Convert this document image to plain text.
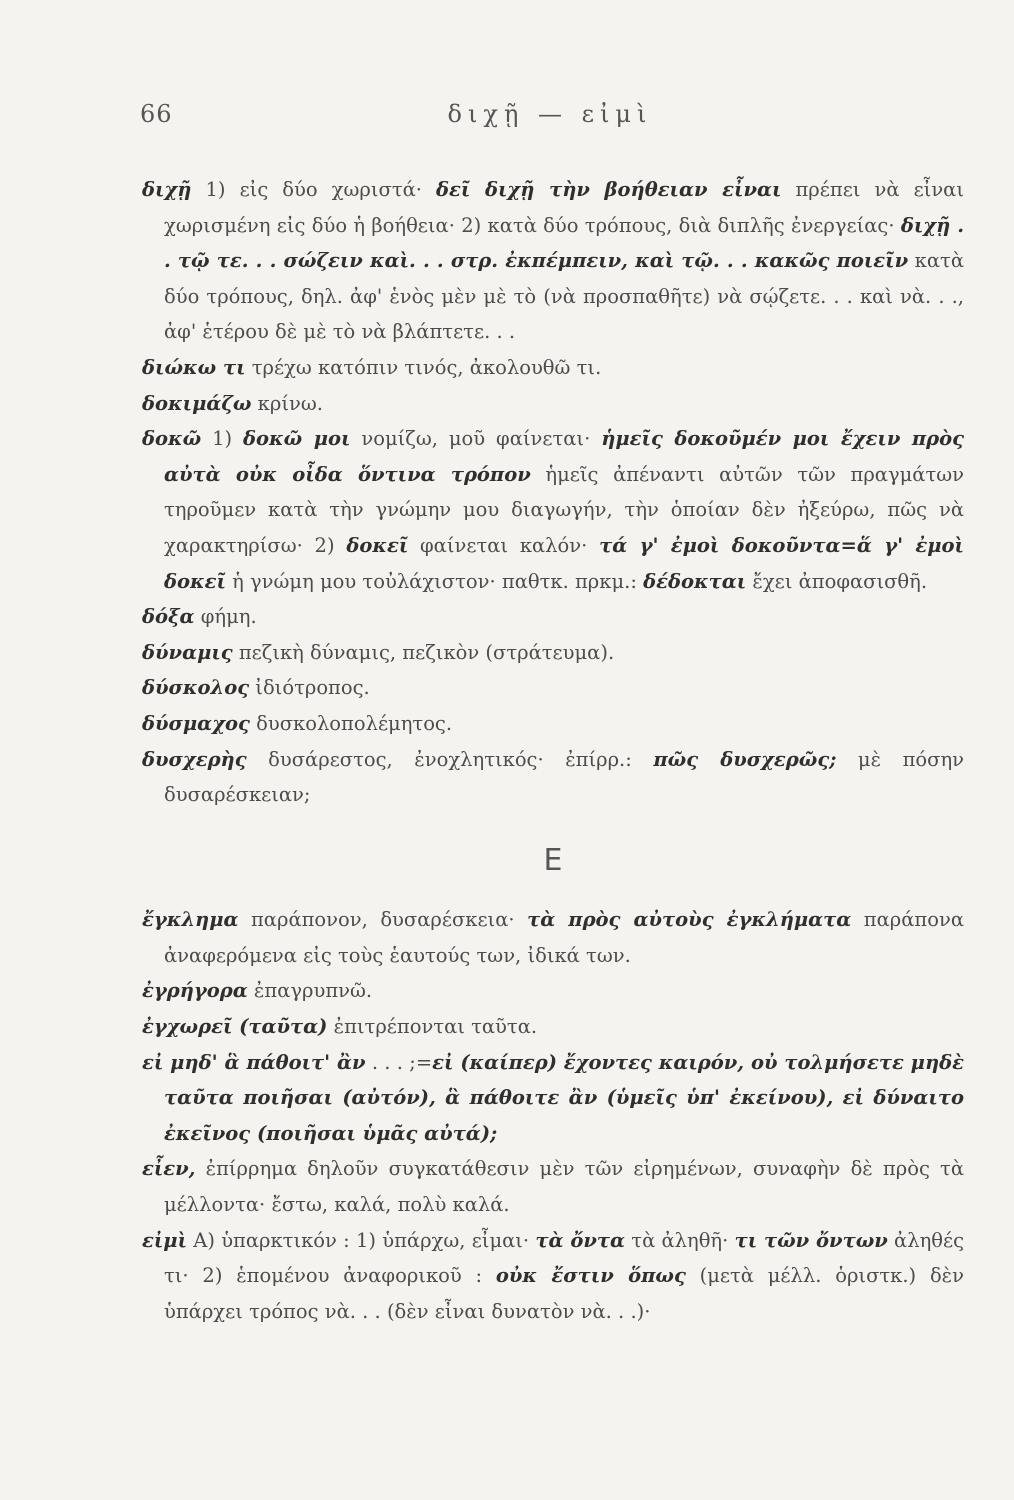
66	διχῇ — εἰμὶ

διχῇ 1) εἰς δύο χωριστά· δεῖ διχῇ τὴν βοήθειαν εἶναι πρέπει νὰ εἶναι χωρισμένη εἰς δύο ἡ βοήθεια· 2) κατὰ δύο τρόπους, διὰ διπλῆς ἐνεργείας· διχῇ . . τῷ τε. . . σώζειν καὶ. . . στρ. ἐκπέμπειν, καὶ τῷ. . . κακῶς ποιεῖν κατὰ δύο τρόπους, δηλ. ἀφ' ἑνὸς μὲν μὲ τὸ (νὰ προσπαθῆτε) νὰ σῴζετε. . . καὶ νὰ. . ., ἀφ' ἑτέρου δὲ μὲ τὸ νὰ βλάπτετε. . .

διώκω τι τρέχω κατόπιν τινός, ἀκολουθῶ τι.

δοκιμάζω κρίνω.

δοκῶ 1) δοκῶ μοι νομίζω, μοῦ φαίνεται· ἡμεῖς δοκοῦμέν μοι ἔχειν πρὸς αὐτὰ οὐκ οἶδα ὅντινα τρόπον ἡμεῖς ἀπέναντι αὐτῶν τῶν πραγμάτων τηροῦμεν κατὰ τὴν γνώμην μου διαγωγήν, τὴν ὁποίαν δὲν ἠξεύρω, πῶς νὰ χαρακτηρίσω· 2) δοκεῖ φαίνεται καλόν· τά γ' ἐμοὶ δοκοῦντα=ἅ γ' ἐμοὶ δοκεῖ ἡ γνώμη μου τοὐλάχιστον· παθτκ. πρκμ.: δέδοκται ἔχει ἀποφασισθῆ.

δόξα φήμη.

δύναμις πεζικὴ δύναμις, πεζικὸν (στράτευμα).

δύσκολος ἰδιότροπος.

δύσμαχος δυσκολοπολέμητος.

δυσχερὴς δυσάρεστος, ἐνοχλητικός· ἐπίρρ.: πῶς δυσχερῶς; μὲ πόσην δυσαρέσκειαν;

Ε

ἔγκλημα παράπονον, δυσαρέσκεια· τὰ πρὸς αὐτοὺς ἐγκλήματα παράπονα ἀναφερόμενα εἰς τοὺς ἑαυτούς των, ἰδικά των.

ἐγρήγορα ἐπαγρυπνῶ.

ἐγχωρεῖ (ταῦτα) ἐπιτρέπονται ταῦτα.

εἰ μηδ' ἃ πάθοιτ' ἂν . . . ;=εἰ (καίπερ) ἔχοντες καιρόν, οὐ τολμήσετε μηδὲ ταῦτα ποιῆσαι (αὐτόν), ἃ πάθοιτε ἂν (ὑμεῖς ὑπ' ἐκείνου), εἰ δύναιτο ἐκεῖνος (ποιῆσαι ὑμᾶς αὐτά);

εἶεν, ἐπίρρημα δηλοῦν συγκατάθεσιν μὲν τῶν εἰρημένων, συναφὴν δὲ πρὸς τὰ μέλλοντα· ἔστω, καλά, πολὺ καλά.

εἰμὶ Α) ὑπαρκτικόν : 1) ὑπάρχω, εἶμαι· τὰ ὄντα τὰ ἀληθῆ· τι τῶν ὄντων ἀληθές τι· 2) ἑπομένου ἀναφορικοῦ : οὐκ ἔστιν ὅπως (μετὰ μέλλ. ὁριστκ.) δὲν ὑπάρχει τρόπος νὰ. . . (δὲν εἶναι δυνατὸν νὰ. . .)·
